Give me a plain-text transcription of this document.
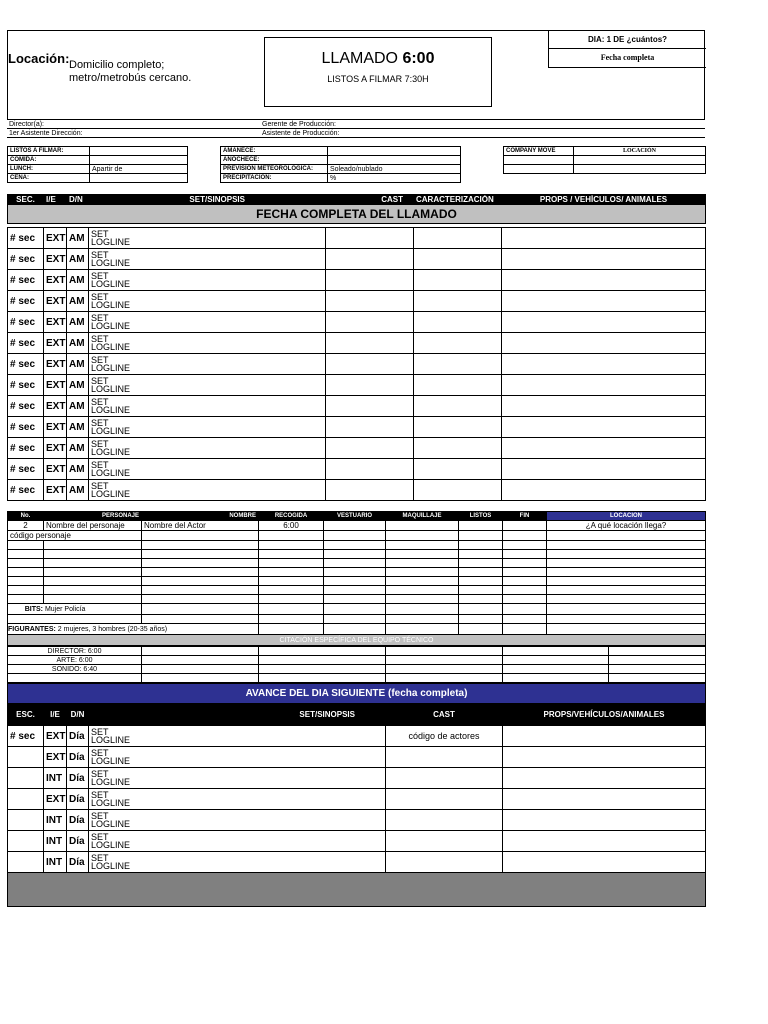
Locación: Domicilio completo;
metro/metrobús cercano.
LLAMADO 6:00
LISTOS A FILMAR 7:30H
DIA: 1 DE ¿cuántos?
Fecha completa
Director(a):	Gerente de Producción:
1er Asistente Dirección:	Asistente de Producción:
LISTOS A FILMAR:	
COMIDA:	
LUNCH:	Apartir de
CENA:	
AMANECE:	
ANOCHECE:	
PREVISIÓN METEOROLÓGICA:	Soleado/nublado
PRECIPITACIÓN:	%
COMPANY MOVE	LOCACIÓN

SEC.	I/E	D/N	SET/SINOPSIS	CAST	CARACTERIZACIÓN	PROPS / VEHÍCULOS/ ANIMALES
FECHA COMPLETA DEL LLAMADO						

# sec	EXT	AM	SET
LOGLINE			

# sec	EXT	AM	SET
LOGLINE			

# sec	EXT	AM	SET
LOGLINE			

# sec	EXT	AM	SET
LOGLINE			

# sec	EXT	AM	SET
LOGLINE			

# sec	EXT	AM	SET
LOGLINE			

# sec	EXT	AM	SET
LOGLINE			

# sec	EXT	AM	SET
LOGLINE			

# sec	EXT	AM	SET
LOGLINE			

# sec	EXT	AM	SET
LOGLINE			

# sec	EXT	AM	SET
LOGLINE			

# sec	EXT	AM	SET
LOGLINE			

# sec	EXT	AM	SET
LOGLINE			

No.	PERSONAJE	NOMBRE	RECOGIDA	VESTUARIO	MAQUILLAJE	LISTOS	FIN	LOCACIÓN
2	Nombre del personaje	Nombre del Actor	6:00					¿A qué locación llega?
código personaje								

BITS: Mujer Policía								

FIGURANTES: 2 mujeres, 3 hombres (20-35 años)								
CITACIÓN ESPECÍFICA DEL EQUIPO TÉCNICO								
DIRECTOR: 6:00					
ARTE: 6:00					
SONIDO: 6:40					

AVANCE DEL DIA SIGUIENTE (fecha completa)					
ESC.	I/E	D/N	SET/SINOPSIS	CAST	PROPS/VEHÍCULOS/ANIMALES
# sec	EXT	Día	SET
LOGLINE	código de actores	
	EXT	Día	SET
LOGLINE		

	INT	Día	SET
LOGLINE		

	EXT	Día	SET
LOGLINE		

	INT	Día	SET
LOGLINE		

	INT	Día	SET
LOGLINE		

	INT	Día	SET
LOGLINE		
